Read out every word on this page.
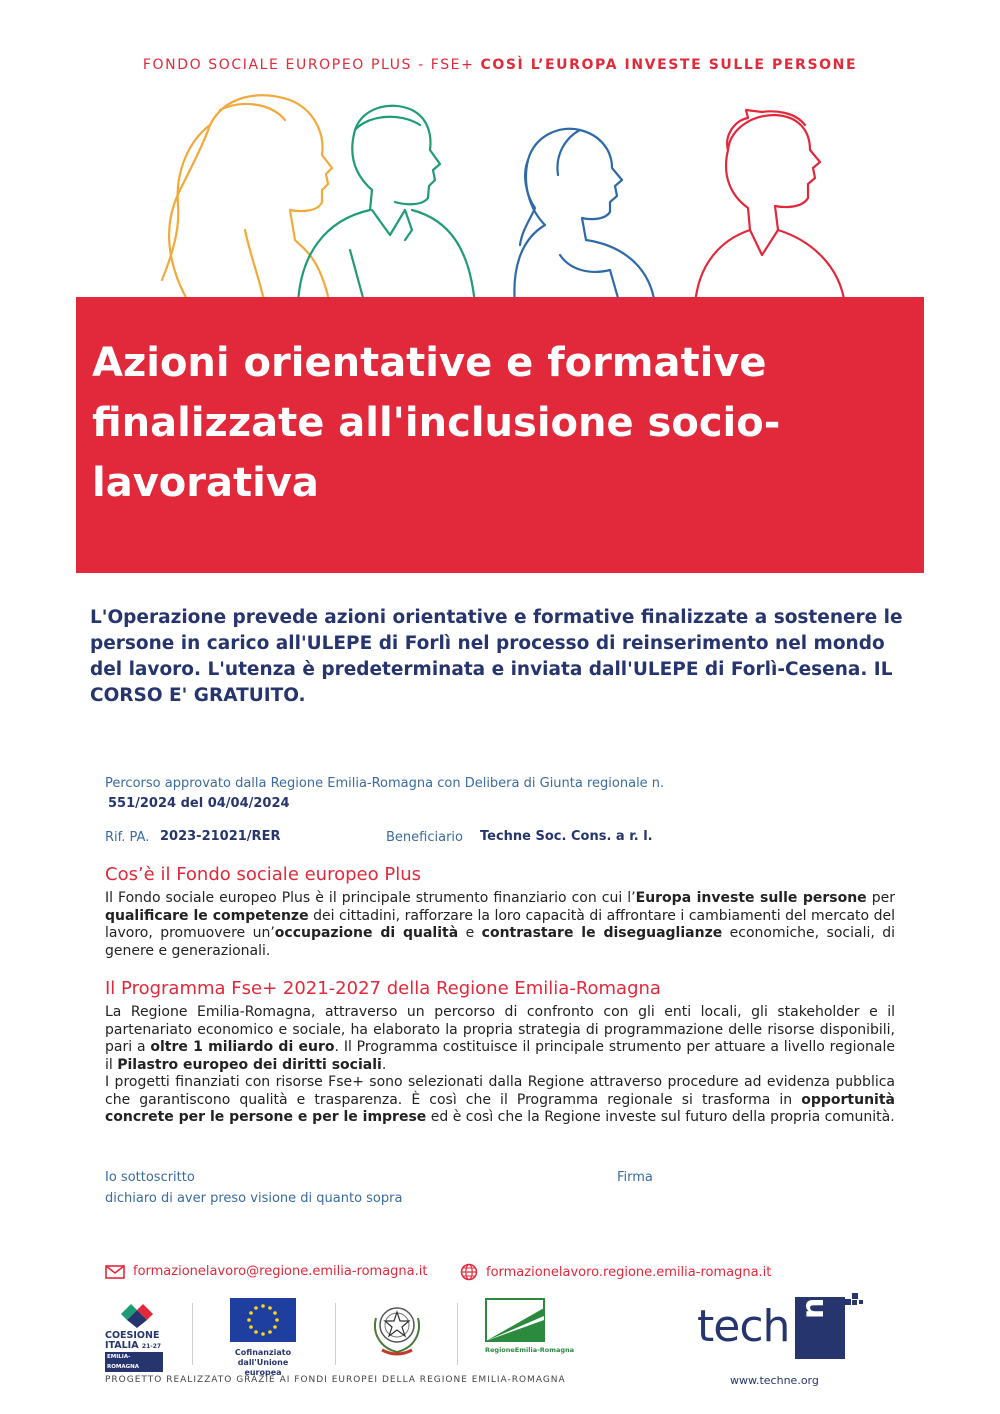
FONDO SOCIALE EUROPEO PLUS - FSE+ COSÌ L’EUROPA INVESTE SULLE PERSONE
Azioni orientative e formative finalizzate all'inclusione socio-lavorativa
L'Operazione prevede azioni orientative e formative finalizzate a sostenere le persone in carico all'ULEPE di Forlì nel processo di reinserimento nel mondo del lavoro. L'utenza è predeterminata e inviata dall'ULEPE di Forlì-Cesena. IL CORSO E' GRATUITO.
Percorso approvato dalla Regione Emilia-Romagna con Delibera di Giunta regionale n.
551/2024 del 04/04/2024
Rif. PA. 2023-21021/RER	Beneficiario Techne Soc. Cons. a r. l.
Cos’è il Fondo sociale europeo Plus

Il Fondo sociale europeo Plus è il principale strumento finanziario con cui l’Europa investe sulle persone per qualificare le competenze dei cittadini, rafforzare la loro capacità di affrontare i cambiamenti del mercato del lavoro, promuovere un’occupazione di qualità e contrastare le diseguaglianze economiche, sociali, di genere e generazionali.

Il Programma Fse+ 2021-2027 della Regione Emilia-Romagna

La Regione Emilia-Romagna, attraverso un percorso di confronto con gli enti locali, gli stakeholder e il partenariato economico e sociale, ha elaborato la propria strategia di programmazione delle risorse disponibili, pari a oltre 1 miliardo di euro. Il Programma costituisce il principale strumento per attuare a livello regionale il Pilastro europeo dei diritti sociali.

I progetti finanziati con risorse Fse+ sono selezionati dalla Regione attraverso procedure ad evidenza pubblica che garantiscono qualità e trasparenza. È così che il Programma regionale si trasforma in opportunità concrete per le persone e per le imprese ed è così che la Regione investe sul futuro della propria comunità.

Io sottoscritto	Firma
dichiaro di aver preso visione di quanto sopra
formazionelavoro@regione.emilia-romagna.it	formazionelavoro.regione.emilia-romagna.it
COESIONE
ITALIA 21-27
EMILIA-ROMAGNA
Cofinanziato
dall'Unione europea
RegioneEmilia-Romagna	tech
ne
www.techne.org
PROGETTO REALIZZATO GRAZIE AI FONDI EUROPEI DELLA REGIONE EMILIA-ROMAGNA
